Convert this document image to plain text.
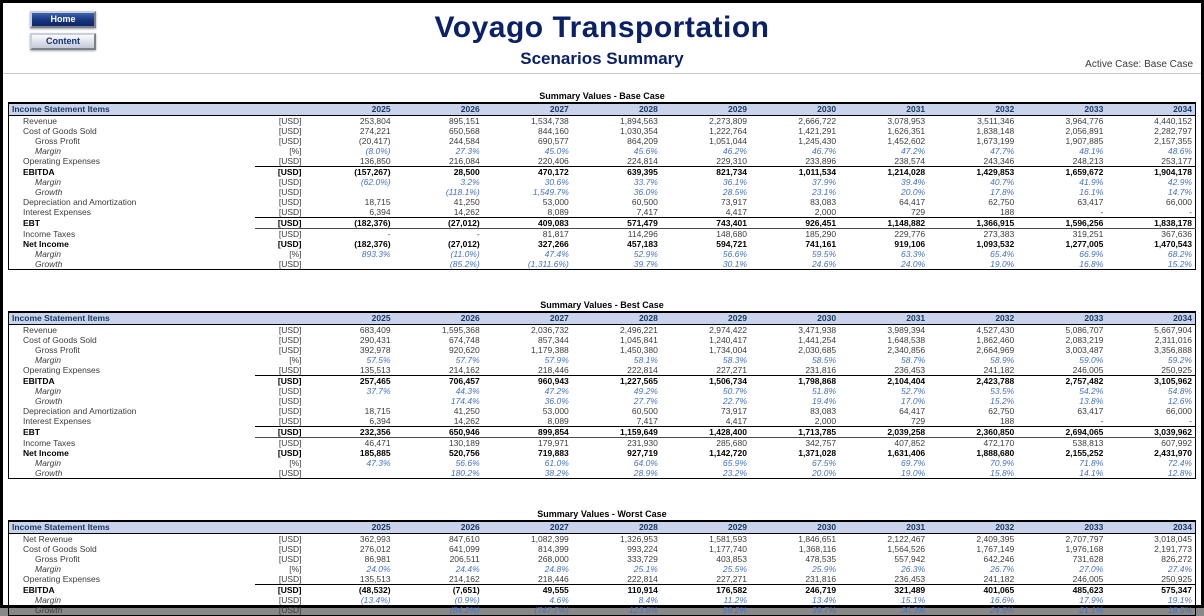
Home
Content	Voyago Transportation
Scenarios Summary	Active Case: Base Case
Summary Values - Base Case
Income Statement Items		2025	2026	2027	2028	2029	2030	2031	2032	2033	2034
Revenue	[USD]	253,804	895,151	1,534,738	1,894,563	2,273,809	2,666,722	3,078,953	3,511,346	3,964,776	4,440,152
Cost of Goods Sold	[USD]	274,221	650,568	844,160	1,030,354	1,222,764	1,421,291	1,626,351	1,838,148	2,056,891	2,282,797
Gross Profit	[USD]	(20,417)	244,584	690,577	864,209	1,051,044	1,245,430	1,452,602	1,673,199	1,907,885	2,157,355
Margin	[%]	(8.0%)	27.3%	45.0%	45.6%	46.2%	46.7%	47.2%	47.7%	48.1%	48.6%
Operating Expenses	[USD]	136,850	216,084	220,406	224,814	229,310	233,896	238,574	243,346	248,213	253,177
EBITDA	[USD]	(157,267)	28,500	470,172	639,395	821,734	1,011,534	1,214,028	1,429,853	1,659,672	1,904,178
Margin	[USD]	(62.0%)	3.2%	30.6%	33.7%	36.1%	37.9%	39.4%	40.7%	41.9%	42.9%
Growth	[USD]		(118.1%)	1,549.7%	36.0%	28.5%	23.1%	20.0%	17.8%	16.1%	14.7%
Depreciation and Amortization	[USD]	18,715	41,250	53,000	60,500	73,917	83,083	64,417	62,750	63,417	66,000
Interest Expenses	[USD]	6,394	14,262	8,089	7,417	4,417	2,000	729	188	-	-
EBT	[USD]	(182,376)	(27,012)	409,083	571,479	743,401	926,451	1,148,882	1,366,915	1,596,256	1,838,178
Income Taxes	[USD]	-	-	81,817	114,296	148,680	185,290	229,776	273,383	319,251	367,636
Net Income	[USD]	(182,376)	(27,012)	327,266	457,183	594,721	741,161	919,106	1,093,532	1,277,005	1,470,543
Margin	[%]	893.3%	(11.0%)	47.4%	52.9%	56.6%	59.5%	63.3%	65.4%	66.9%	68.2%
Growth	[USD]		(85.2%)	(1,311.6%)	39.7%	30.1%	24.6%	24.0%	19.0%	16.8%	15.2%
Summary Values - Best Case
Income Statement Items		2025	2026	2027	2028	2029	2030	2031	2032	2033	2034
Revenue	[USD]	683,409	1,595,368	2,036,732	2,496,221	2,974,422	3,471,938	3,989,394	4,527,430	5,086,707	5,667,904
Cost of Goods Sold	[USD]	290,431	674,748	857,344	1,045,841	1,240,417	1,441,254	1,648,538	1,862,460	2,083,219	2,311,016
Gross Profit	[USD]	392,978	920,620	1,179,388	1,450,380	1,734,004	2,030,685	2,340,856	2,664,969	3,003,487	3,356,888
Margin	[%]	57.5%	57.7%	57.9%	58.1%	58.3%	58.5%	58.7%	58.9%	59.0%	59.2%
Operating Expenses	[USD]	135,513	214,162	218,446	222,814	227,271	231,816	236,453	241,182	246,005	250,925
EBITDA	[USD]	257,465	706,457	960,943	1,227,565	1,506,734	1,798,868	2,104,404	2,423,788	2,757,482	3,105,962
Margin	[USD]	37.7%	44.3%	47.2%	49.2%	50.7%	51.8%	52.7%	53.5%	54.2%	54.8%
Growth	[USD]		174.4%	36.0%	27.7%	22.7%	19.4%	17.0%	15.2%	13.8%	12.6%
Depreciation and Amortization	[USD]	18,715	41,250	53,000	60,500	73,917	83,083	64,417	62,750	63,417	66,000
Interest Expenses	[USD]	6,394	14,262	8,089	7,417	4,417	2,000	729	188	-	-
EBT	[USD]	232,356	650,946	899,854	1,159,649	1,428,400	1,713,785	2,039,258	2,360,850	2,694,065	3,039,962
Income Taxes	[USD]	46,471	130,189	179,971	231,930	285,680	342,757	407,852	472,170	538,813	607,992
Net Income	[USD]	185,885	520,756	719,883	927,719	1,142,720	1,371,028	1,631,406	1,888,680	2,155,252	2,431,970
Margin	[%]	47.3%	56.6%	61.0%	64.0%	65.9%	67.5%	69.7%	70.9%	71.8%	72.4%
Growth	[USD]		180.2%	38.2%	28.9%	23.2%	20.0%	19.0%	15.8%	14.1%	12.8%
Summary Values - Worst Case
Income Statement Items		2025	2026	2027	2028	2029	2030	2031	2032	2033	2034
Net Revenue	[USD]	362,993	847,610	1,082,399	1,326,953	1,581,593	1,846,651	2,122,467	2,409,395	2,707,797	3,018,045
Cost of Goods Sold	[USD]	276,012	641,099	814,399	993,224	1,177,740	1,368,116	1,564,526	1,767,149	1,976,168	2,191,773
Gross Profit	[USD]	86,981	206,511	268,000	333,729	403,853	478,535	557,942	642,246	731,628	826,272
Margin	[%]	24.0%	24.4%	24.8%	25.1%	25.5%	25.9%	26.3%	26.7%	27.0%	27.4%
Operating Expenses	[USD]	135,513	214,162	218,446	222,814	227,271	231,816	236,453	241,182	246,005	250,925
EBITDA	[USD]	(48,532)	(7,651)	49,555	110,914	176,582	246,719	321,489	401,065	485,623	575,347
Margin	[USD]	(13.4%)	(0.9%)	4.6%	8.4%	11.2%	13.4%	15.1%	16.6%	17.9%	19.1%
Growth	[USD]		(84.2%)	(747.7%)	123.8%	59.2%	39.7%	30.3%	24.8%	21.1%	18.5%
